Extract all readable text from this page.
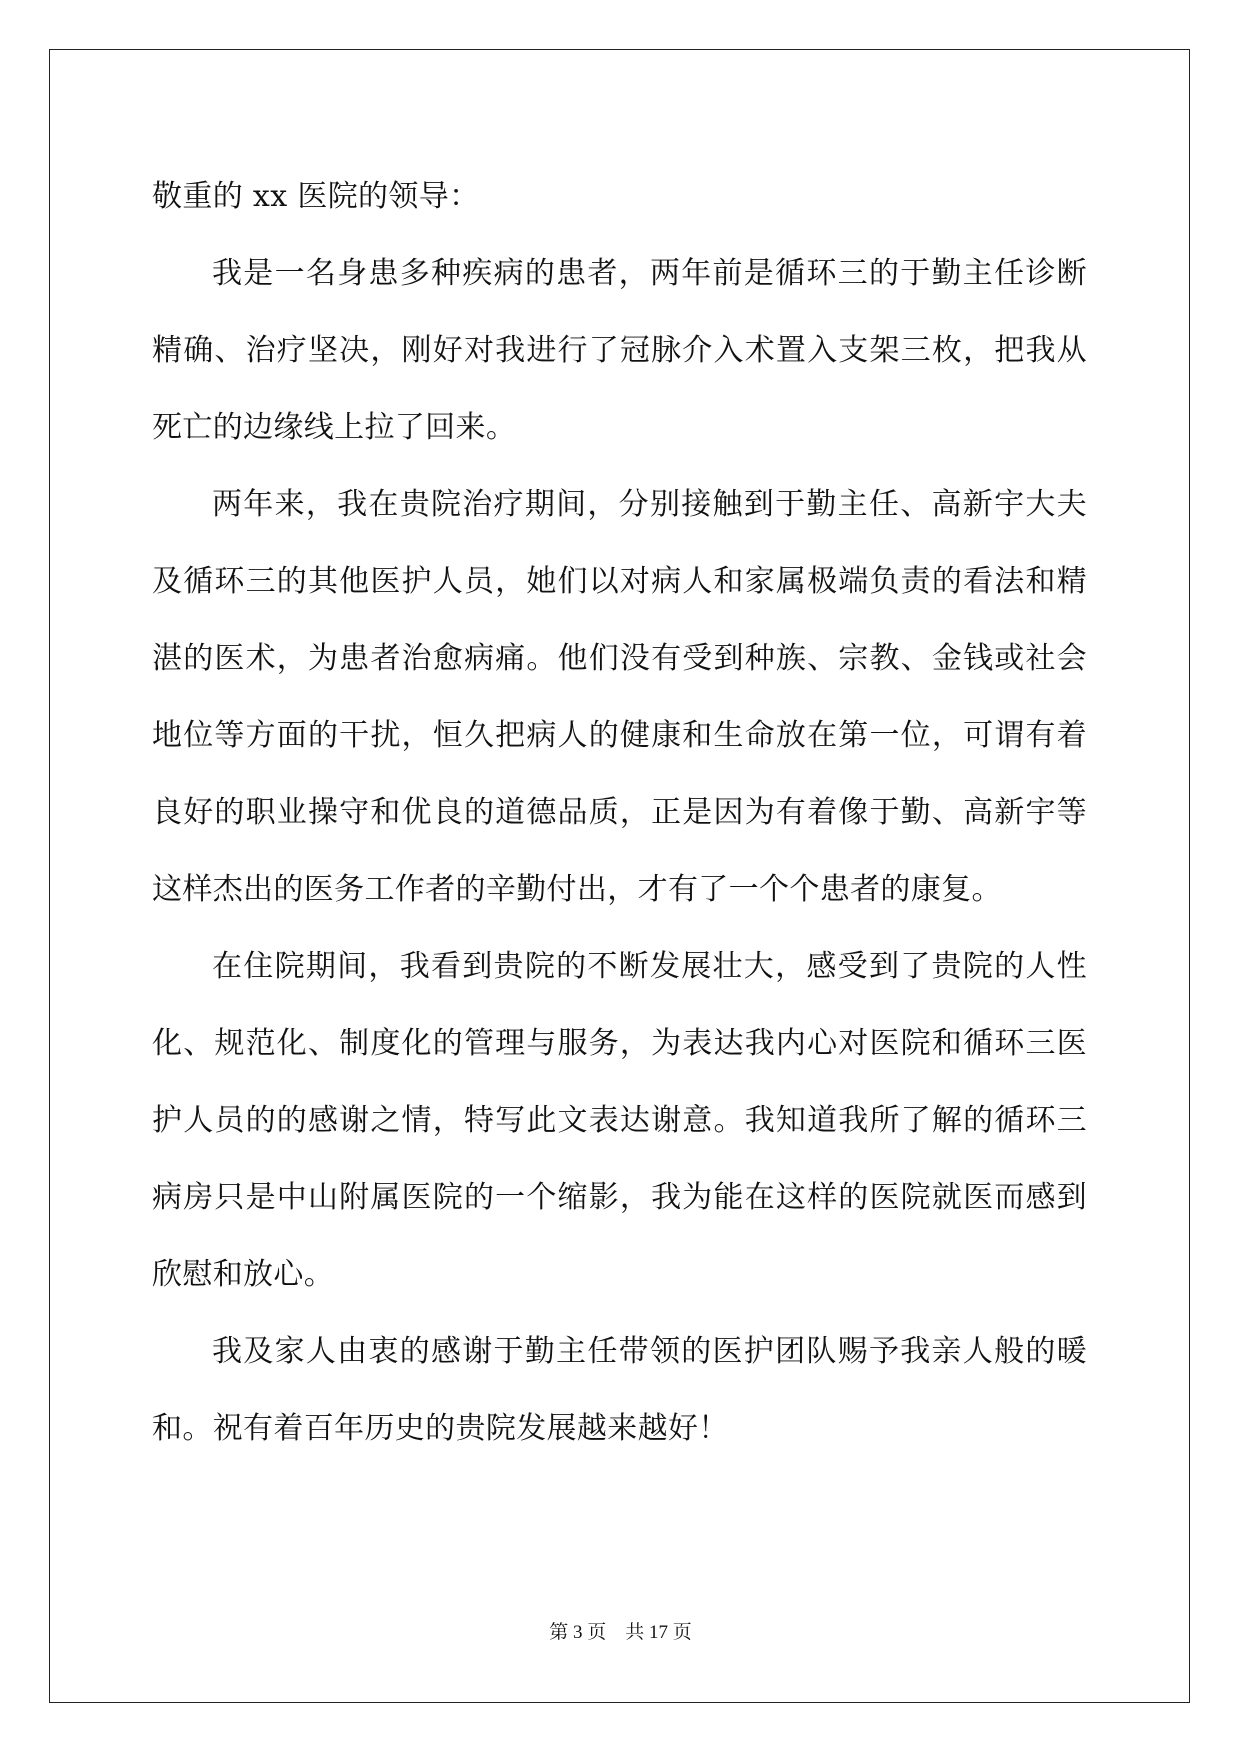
敬重的 xx 医院的领导：

我是一名身患多种疾病的患者，两年前是循环三的于勤主任诊断精确、治疗坚决，刚好对我进行了冠脉介入术置入支架三枚，把我从死亡的边缘线上拉了回来。

两年来，我在贵院治疗期间，分别接触到于勤主任、高新宇大夫及循环三的其他医护人员，她们以对病人和家属极端负责的看法和精湛的医术，为患者治愈病痛。他们没有受到种族、宗教、金钱或社会地位等方面的干扰，恒久把病人的健康和生命放在第一位，可谓有着良好的职业操守和优良的道德品质，正是因为有着像于勤、高新宇等这样杰出的医务工作者的辛勤付出，才有了一个个患者的康复。

在住院期间，我看到贵院的不断发展壮大，感受到了贵院的人性化、规范化、制度化的管理与服务，为表达我内心对医院和循环三医护人员的的感谢之情，特写此文表达谢意。我知道我所了解的循环三病房只是中山附属医院的一个缩影，我为能在这样的医院就医而感到欣慰和放心。

我及家人由衷的感谢于勤主任带领的医护团队赐予我亲人般的暖和。祝有着百年历史的贵院发展越来越好！

第 3 页    共 17 页
